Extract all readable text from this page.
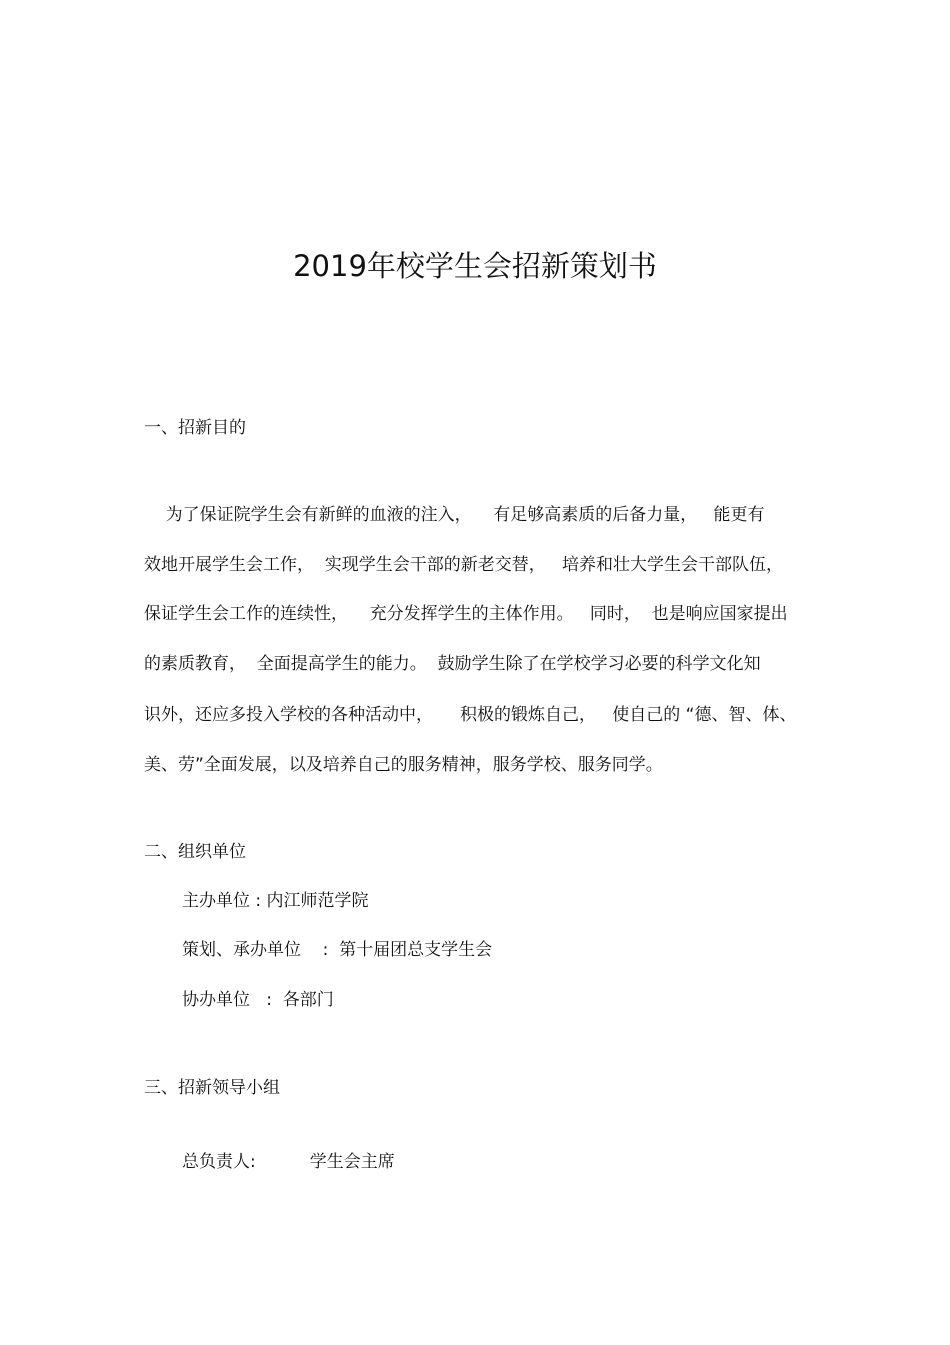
2019年校学生会招新策划书
一、招新目的
为了保证院学生会有新鲜的血液的注入，    有足够高素质的后备力量，   能更有
效地开展学生会工作，  实现学生会干部的新老交替，   培养和壮大学生会干部队伍，
保证学生会工作的连续性，    充分发挥学生的主体作用。   同时，  也是响应国家提出
的素质教育，  全面提高学生的能力。  鼓励学生除了在学校学习必要的科学文化知
识外，还应多投入学校的各种活动中，     积极的锻炼自己，   使自己的 “德、智、体、
美、劳”全面发展，以及培养自己的服务精神，服务学校、服务同学。
二、组织单位
主办单位 : 内江师范学院
策划、承办单位    :  第十届团总支学生会
协办单位   :  各部门
三、招新领导小组
总负责人:          学生会主席
